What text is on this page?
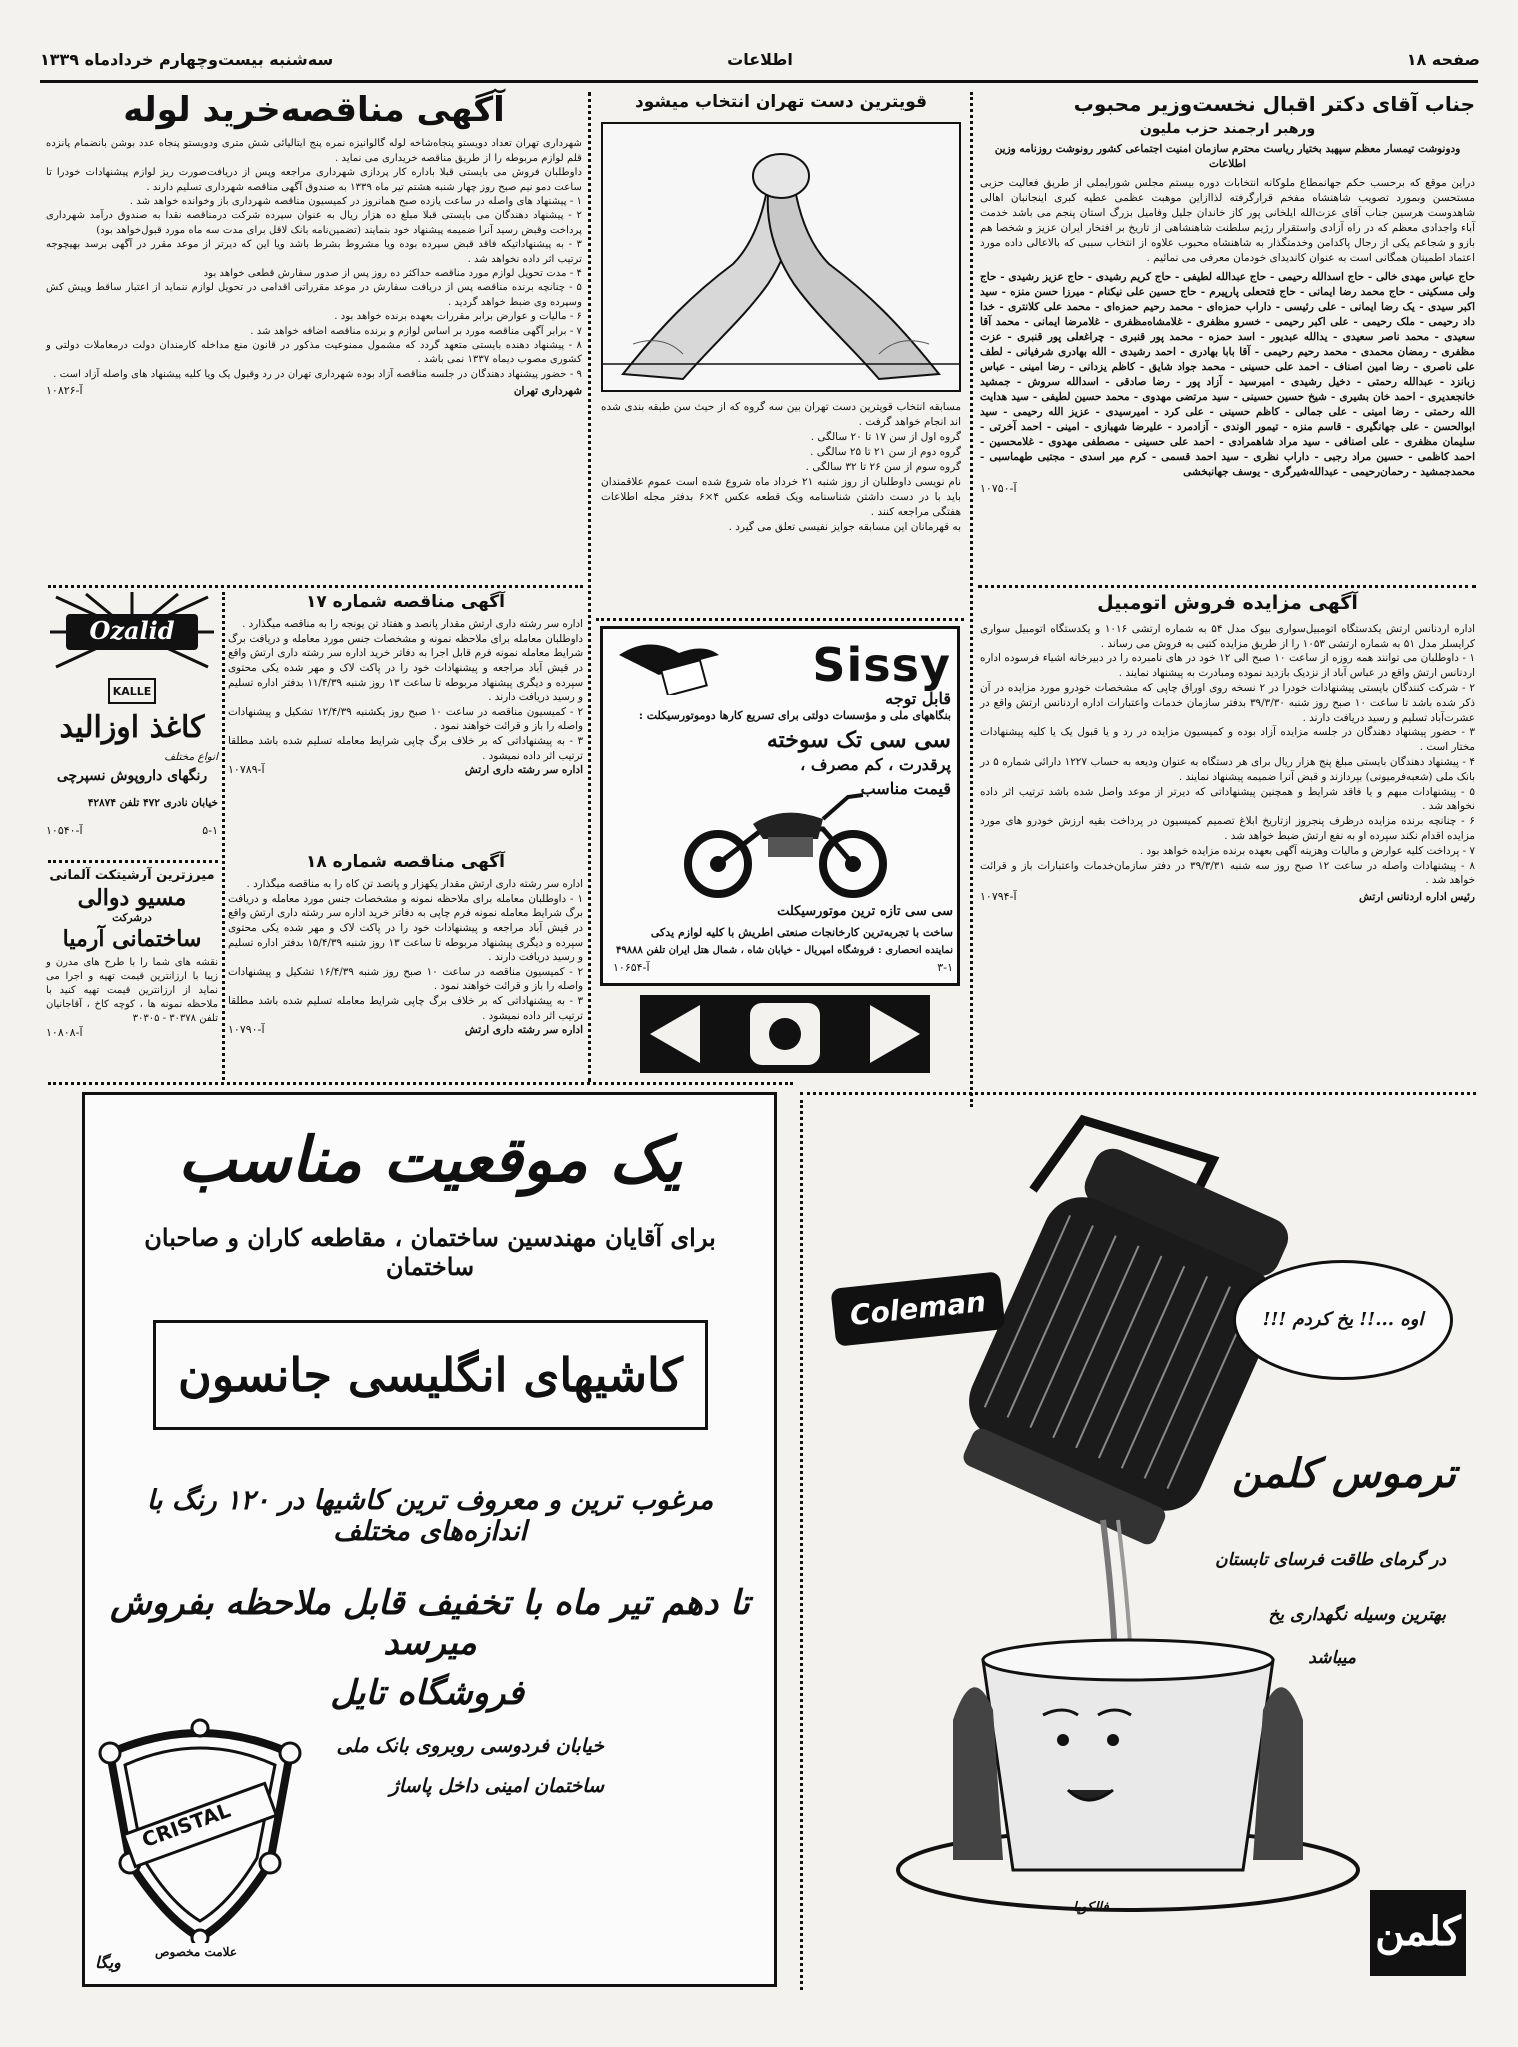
صفحه ۱۸
اطلاعات
سه‌شنبه بیست‌وچهارم خردادماه ۱۳۳۹
جناب آقای دکتر اقبال نخست‌وزیر محبوب
ورهبر ارجمند حزب ملیون
ودونوشت تیمسار معظم سپهبد بختیار ریاست محترم سازمان امنیت اجتماعی کشور رونوشت روزنامه وزین اطلاعات
دراین موقع که برحسب حکم جهانمطاع ملوکانه انتخابات دوره بیستم مجلس شورایملی از طریق فعالیت حزبی مستحسن وبمورد تصویب شاهنشاه مفخم قرارگرفته لذاازاین موهبت عظمی عطیه کبری اینجانبان اهالی شاهدوست هرسین جناب آقای عزت‌الله ایلخانی پور کاز خاندان جلیل وفامیل بزرگ استان پنجم می باشد خدمت آباء واجدادی معظم که در راه آزادی واستقرار رژیم سلطنت شاهنشاهی از تاریخ بر افتخار ایران عزیز و شخصا هم بازو و شجاعم یکی از رجال پاکدامن وخدمتگذار به شاهنشاه محبوب علاوه از انتخاب سببی که بالاعالی داده مورد اعتماد اطمینان همگانی است به عنوان کاندیدای خودمان معرفی می نمائیم .
حاج عباس مهدی خالی - حاج اسدالله رحیمی - حاج عبدالله لطیفی - حاج کریم رشیدی - حاج عزیز رشیدی - حاج ولی مسکینی - حاج محمد رضا ایمانی - حاج فتحعلی پارپیرم - حاج حسین علی نیکنام - میرزا حسن منزه - سید اکبر سیدی - یک رضا ایمانی - علی رئیسی - داراب حمزه‌ای - محمد رحیم حمزه‌ای - محمد علی کلانتری - خدا داد رحیمی - ملک رحیمی - علی اکبر رحیمی - خسرو مظفری - غلامشاه‌مظفری - غلامرضا ایمانی - محمد آقا سعیدی - محمد ناصر سعیدی - یدالله عبدیور - اسد حمزه - محمد پور قنبری - چراغعلی پور قنبری - عزت مظفری - رمضان محمدی - محمد رحیم رحیمی - آقا بابا بهادری - احمد رشیدی - الله بهادری شرفیانی - لطف علی ناصری - رضا امین اصناف - احمد علی حسینی - محمد جواد شایق - کاظم یزدانی - رضا امینی - عباس زبانزد - عبدالله رحمتی - دخیل رشیدی - امیرسید - آزاد پور - رضا صادقی - اسدالله سروش - جمشید خانجعدیری - احمد خان بشیری - شیخ حسین حسینی - سید مرتضی مهدوی - محمد حسین لطیفی - سید هدایت الله رحمتی - رضا امینی - علی جمالی - کاظم حسینی - علی کرد - امیرسیدی - عزیز الله رحیمی - سید ابوالحسن - علی جهانگیری - قاسم منزه - تیمور الوندی - آزادمرد - علیرضا شهبازی - امینی - احمد آخرتی - سلیمان مظفری - علی اصنافی - سید مراد شاهمرادی - احمد علی حسینی - مصطفی مهدوی - غلامحسین - احمد کاظمی - حسین مراد رجبی - داراب نظری - سید احمد قسمی - کرم میر اسدی - مجتبی طهماسبی - محمدجمشید - رحمان‌رحیمی - عبدالله‌شیرگری - یوسف جهانبخشی
آ-۱۰۷۵۰
قویترین دست تهران انتخاب میشود
مسابقه انتخاب قویترین دست تهران بین سه گروه که از حیث سن طبقه بندی شده اند انجام خواهد گرفت .
گروه اول از سن ۱۷ تا ۲۰ سالگی .
گروه دوم از سن ۲۱ تا ۲۵ سالگی .
گروه سوم از سن ۲۶ تا ۳۲ سالگی .
نام نویسی داوطلبان از روز شنبه ۲۱ خرداد ماه شروع شده است عموم علاقمندان باید با در دست داشتن شناسنامه ویک قطعه عکس ۴×۶ بدفتر مجله اطلاعات هفتگی مراجعه کنند .
به قهرمانان این مسابقه جوایز نفیسی تعلق می گیرد .
آگهی مناقصه‌خرید لوله
شهرداری تهران تعداد دویستو پنجاه‌شاخه لوله گالوانیزه نمره پنج ایتالیائی شش متری ودویستو پنجاه عدد بوشن بانضمام پانزده قلم لوازم مربوطه را از طریق مناقصه خریداری می نماید .
داوطلبان فروش می بایستی قبلا باداره کار پردازی شهرداری مراجعه وپس از دریافت‌صورت ریز لوازم پیشنهادات خودرا تا ساعت دمو نیم صبح روز چهار شنبه هشتم تیر ماه ۱۳۳۹ به صندوق آگهی مناقصه شهرداری تسلیم دارند .
۱ - پیشنهاد های واصله در ساعت یازده صبح همانروز در کمیسیون مناقصه شهرداری باز وخوانده خواهد شد .
۲ - پیشنهاد دهندگان می بایستی قبلا مبلغ ده هزار ریال به عنوان سپرده شرکت درمناقصه نقدا به صندوق درآمد شهرداری پرداخت وقبض رسید آنرا ضمیمه پیشنهاد خود بنمایند (تضمین‌نامه بانک لاقل برای مدت سه ماه مورد قبول‌خواهد بود)
۳ - به پیشنهاداتیکه فاقد قبض سپرده بوده ویا مشروط بشرط باشد ویا این که دیرتر از موعد مقرر در آگهی برسد بهیچوجه ترتیب اثر داده نخواهد شد .
۴ - مدت تحویل لوازم مورد مناقصه حداکثر ده روز پس از صدور سفارش قطعی خواهد بود
۵ - چنانچه برنده مناقصه پس از دریافت سفارش در موعد مقرراتی اقدامی در تحویل لوازم ننماید از اعتبار ساقط وپیش کش وسپرده وی ضبط خواهد گردید .
۶ - مالیات و عوارض برابر مقررات بعهده برنده خواهد بود .
۷ - برابر آگهی مناقصه مورد بر اساس لوازم و برنده مناقصه اضافه خواهد شد .
۸ - پیشنهاد دهنده بایستی متعهد گردد که مشمول ممنوعیت مذکور در قانون منع مداخله کارمندان دولت درمعاملات دولتی و کشوری مصوب دیماه ۱۳۳۷ نمی باشد .
۹ - حضور پیشنهاد دهندگان در جلسه مناقصه آزاد بوده شهرداری تهران در رد وقبول یک ویا کلیه پیشنهاد های واصله آزاد است .
شهرداری تهران
آ-۱۰۸۲۶
Ozalid
KALLE
کاغذ اوزالید
انواع مختلف
رنگهای داروپوش نسپرچی
خیابان نادری ۴۷۲ تلفن ۴۲۸۷۴
۵-۱
آ-۱۰۵۴۰
میرزترین آرشیتکت آلمانی
مسیو دوالی
درشرکت
ساختمانی آرمیا
نقشه های شما را با طرح های مدرن و زیبا با ارزانترین قیمت تهیه و اجرا می نماید از ارزانترین قیمت تهیه کنید با ملاحظه نمونه ها ، کوچه کاخ ، آقاجانیان تلفن ۳۰۳۷۸ - ۳۰۳۰۵
آ-۱۰۸۰۸
آگهی مناقصه شماره ۱۷
اداره سر رشته داری ارتش مقدار پانصد و هفتاد تن یونجه را به مناقصه میگذارد .
داوطلبان معامله برای ملاحظه نمونه و مشخصات جنس مورد معامله و دریافت برگ شرایط معامله نمونه فرم قابل اجرا به دفاتر خرید اداره سر رشته داری ارتش واقع در قیش آباد مراجعه و پیشنهادات خود را در پاکت لاک و مهر شده یکی محتوی سپرده و دیگری پیشنهاد مربوطه تا ساعت ۱۳ روز شنبه ۱۱/۴/۳۹ بدفتر اداره تسلیم و رسید دریافت دارند .
۲ - کمیسیون مناقصه در ساعت ۱۰ صبح روز یکشنبه ۱۲/۴/۳۹ تشکیل و پیشنهادات واصله را باز و قرائت خواهند نمود .
۳ - به پیشنهاداتی که بر خلاف برگ چاپی شرایط معامله تسلیم شده باشد مطلقا ترتیب اثر داده نمیشود .
اداره سر رشته داری ارتش
آ-۱۰۷۸۹
آگهی مناقصه شماره ۱۸
اداره سر رشته داری ارتش مقدار یکهزار و پانصد تن کاه را به مناقصه میگذارد .
۱ - داوطلبان معامله برای ملاحظه نمونه و مشخصات جنس مورد معامله و دریافت برگ شرایط معامله نمونه فرم چاپی به دفاتر خرید اداره سر رشته داری ارتش واقع در قیش آباد مراجعه و پیشنهادات خود را در پاکت لاک و مهر شده یکی محتوی سپرده و دیگری پیشنهاد مربوطه تا ساعت ۱۳ روز شنبه ۱۵/۴/۳۹ بدفتر اداره تسلیم و رسید دریافت دارند .
۲ - کمیسیون مناقصه در ساعت ۱۰ صبح روز شنبه ۱۶/۴/۳۹ تشکیل و پیشنهادات واصله را باز و قرائت خواهند نمود .
۳ - به پیشنهاداتی که بر خلاف برگ چاپی شرایط معامله تسلیم شده باشد مطلقا ترتیب اثر داده نمیشود .
اداره سر رشته داری ارتش
آ-۱۰۷۹۰
Sissy
قابل توجه
بنگاههای ملی و مؤسسات دولتی برای تسریع کارها دوموتورسیکلت :
سی سی تک سوخته
پرقدرت ، کم مصرف ، قیمت مناسب
سی سی تازه ترین موتورسیکلت
ساخت با تجربه‌ترین کارخانجات صنعتی اطریش با کلیه لوازم یدکی
نماینده انحصاری : فروشگاه امپریال - خیابان شاه ، شمال هتل ایران تلفن ۴۹۸۸۸
۳-۱
آ-۱۰۶۵۴
آگهی مزایده فروش اتومبیل
اداره اردنانس ارتش یکدستگاه اتومبیل‌سواری بیوک مدل ۵۴ به شماره ارتشی ۱۰۱۶ و یکدستگاه اتومبیل سواری کرایسلر مدل ۵۱ به شماره ارتشی ۱۰۵۳ را از طریق مزایده کتبی به فروش می رساند .
۱ - داوطلبان می توانند همه روزه از ساعت ۱۰ صبح الی ۱۲ خود در های نامبرده را در دبیرخانه اشیاء فرسوده اداره اردنانس ارتش واقع در عباس آباد از نزدیک بازدید نموده ومبادرت به پیشنهاد نمایند .
۲ - شرکت کنندگان بایستی پیشنهادات خودرا در ۲ نسخه روی اوراق چاپی که مشخصات خودرو مورد مزایده در آن ذکر شده باشد تا ساعت ۱۰ صبح روز شنبه ۳۹/۳/۳۰ بدفتر سازمان خدمات واعتبارات اداره اردنانس ارتش واقع در عشرت‌آباد تسلیم و رسید دریافت دارند .
۳ - حضور پیشنهاد دهندگان در جلسه مزایده آزاد بوده و کمیسیون مزایده در رد و یا قبول یک یا کلیه پیشنهادات مختار است .
۴ - پیشنهاد دهندگان بایستی مبلغ پنج هزار ریال برای هر دستگاه به عنوان ودیعه به حساب ۱۲۲۷ دارائی شماره ۵ در بانک ملی (شعبه‌فرمیونی) بپردازند و قبض آنرا ضمیمه پیشنهاد نمایند .
۵ - پیشنهادات مبهم و یا فاقد شرایط و همچنین پیشنهاداتی که دیرتر از موعد واصل شده باشد ترتیب اثر داده نخواهد شد .
۶ - چنانچه برنده مزایده درظرف پنجروز ازتاریخ ابلاغ تصمیم کمیسیون در پرداخت بقیه ارزش خودرو های مورد مزایده اقدام نکند سپرده او به نفع ارتش ضبط خواهد شد .
۷ - پرداخت کلیه عوارض و مالیات وهزینه آگهی بعهده برنده مزایده خواهد بود .
۸ - پیشنهادات واصله در ساعت ۱۲ صبح روز سه شنبه ۳۹/۳/۳۱ در دفتر سازمان‌خدمات واعتبارات باز و قرائت خواهد شد .
رئیس اداره اردنانس ارتش
آ-۱۰۷۹۴
یک موقعیت مناسب
برای آقایان مهندسین ساختمان ، مقاطعه کاران و صاحبان ساختمان
کاشیهای انگلیسی جانسون
مرغوب ترین و معروف ترین کاشیها در ۱۲۰ رنگ با اندازه‌های مختلف
تا دهم تیر ماه با تخفیف قابل ملاحظه بفروش میرسد
فروشگاه تایل
خیابان فردوسی روبروی بانک ملی
ساختمان امینی داخل پاساژ
CRISTAL
علامت مخصوص
ویگا
Coleman	اوه ...!! یخ کردم !!!
ترموس کلمن
در گرمای طاقت فرسای تابستان
بهترین وسیله نگهداری یخ
میباشد
کلمن
فالکوپا
